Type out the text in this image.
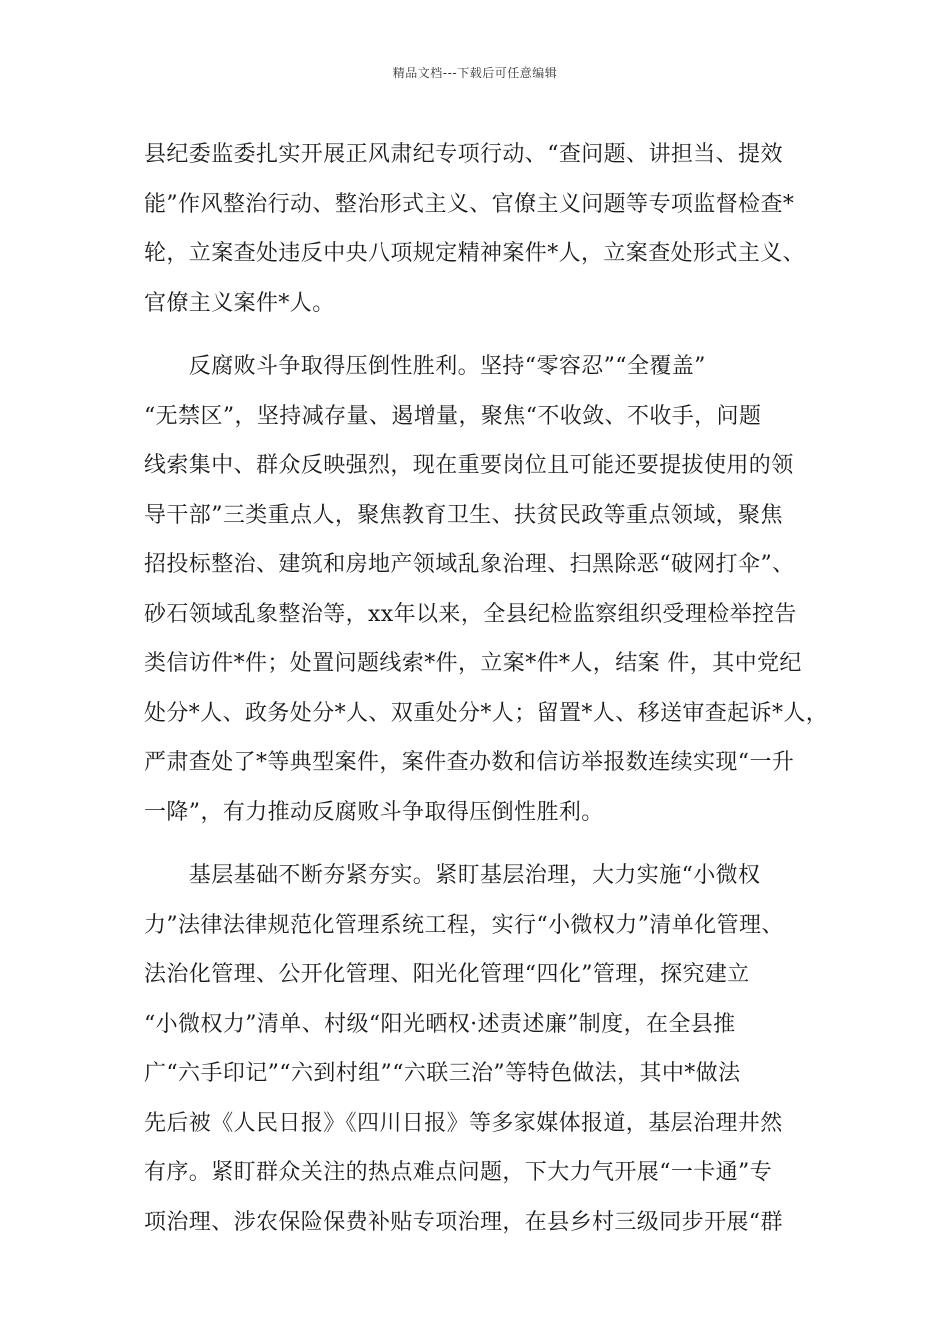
精品文档---下载后可任意编辑
县纪委监委扎实开展正风肃纪专项行动、“查问题、讲担当、提效
能”作风整治行动、整治形式主义、官僚主义问题等专项监督检查*
轮，立案查处违反中央八项规定精神案件*人，立案查处形式主义、
官僚主义案件*人。
　　反腐败斗争取得压倒性胜利。坚持“零容忍”“全覆盖”
“无禁区”，坚持减存量、遏增量，聚焦“不收敛、不收手，问题
线索集中、群众反映强烈，现在重要岗位且可能还要提拔使用的领
导干部”三类重点人，聚焦教育卫生、扶贫民政等重点领域，聚焦
招投标整治、建筑和房地产领域乱象治理、扫黑除恶“破网打伞”、
砂石领域乱象整治等，xx年以来，全县纪检监察组织受理检举控告
类信访件*件；处置问题线索*件，立案*件*人，结案 件，其中党纪
处分*人、政务处分*人、双重处分*人；留置*人、移送审查起诉*人，
严肃查处了*等典型案件，案件查办数和信访举报数连续实现“一升
一降”，有力推动反腐败斗争取得压倒性胜利。
　　基层基础不断夯紧夯实。紧盯基层治理，大力实施“小微权
力”法律法律规范化管理系统工程，实行“小微权力”清单化管理、
法治化管理、公开化管理、阳光化管理“四化”管理，探究建立
“小微权力”清单、村级“阳光晒权·述责述廉”制度，在全县推
广“六手印记”“六到村组”“六联三治”等特色做法，其中*做法
先后被《人民日报》《四川日报》等多家媒体报道，基层治理井然
有序。紧盯群众关注的热点难点问题，下大力气开展“一卡通”专
项治理、涉农保险保费补贴专项治理，在县乡村三级同步开展“群
